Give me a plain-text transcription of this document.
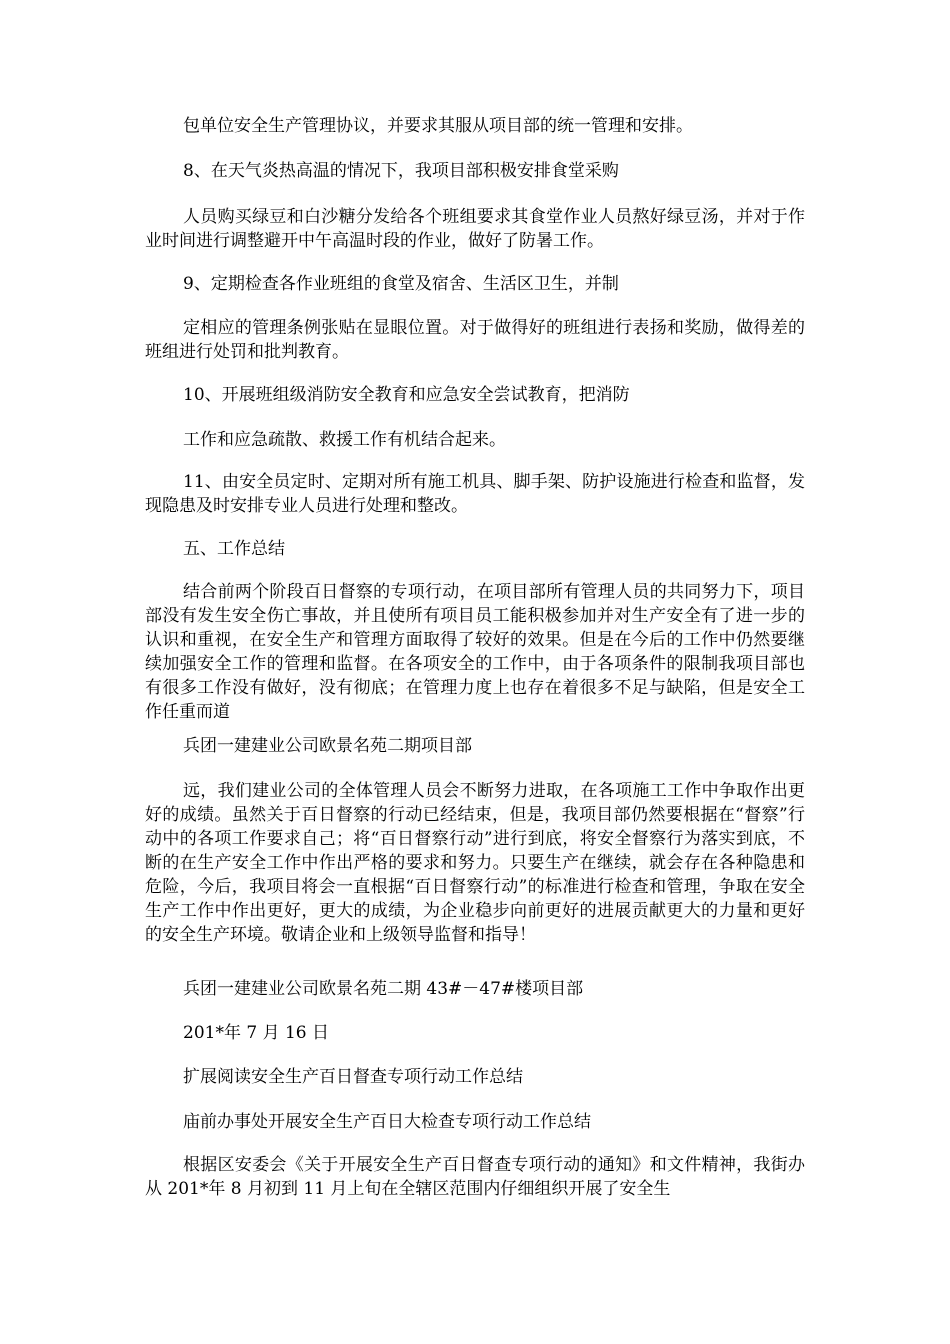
包单位安全生产管理协议，并要求其服从项目部的统一管理和安排。

8、在天气炎热高温的情况下，我项目部积极安排食堂采购

人员购买绿豆和白沙糖分发给各个班组要求其食堂作业人员熬好绿豆汤，并对于作业时间进行调整避开中午高温时段的作业，做好了防暑工作。

9、定期检查各作业班组的食堂及宿舍、生活区卫生，并制

定相应的管理条例张贴在显眼位置。对于做得好的班组进行表扬和奖励，做得差的班组进行处罚和批判教育。

10、开展班组级消防安全教育和应急安全尝试教育，把消防

工作和应急疏散、救援工作有机结合起来。

11、由安全员定时、定期对所有施工机具、脚手架、防护设施进行检查和监督，发现隐患及时安排专业人员进行处理和整改。

五、工作总结

结合前两个阶段百日督察的专项行动，在项目部所有管理人员的共同努力下，项目部没有发生安全伤亡事故，并且使所有项目员工能积极参加并对生产安全有了进一步的认识和重视，在安全生产和管理方面取得了较好的效果。但是在今后的工作中仍然要继续加强安全工作的管理和监督。在各项安全的工作中，由于各项条件的限制我项目部也有很多工作没有做好，没有彻底；在管理力度上也存在着很多不足与缺陷，但是安全工作任重而道

兵团一建建业公司欧景名苑二期项目部

远，我们建业公司的全体管理人员会不断努力进取，在各项施工工作中争取作出更好的成绩。虽然关于百日督察的行动已经结束，但是，我项目部仍然要根据在“督察”行动中的各项工作要求自己；将“百日督察行动”进行到底，将安全督察行为落实到底，不断的在生产安全工作中作出严格的要求和努力。只要生产在继续，就会存在各种隐患和危险，今后，我项目将会一直根据“百日督察行动”的标准进行检查和管理，争取在安全生产工作中作出更好，更大的成绩，为企业稳步向前更好的进展贡献更大的力量和更好的安全生产环境。敬请企业和上级领导监督和指导！

兵团一建建业公司欧景名苑二期 43#－47#楼项目部

201*年 7 月 16 日

扩展阅读安全生产百日督查专项行动工作总结

庙前办事处开展安全生产百日大检查专项行动工作总结

根据区安委会《关于开展安全生产百日督查专项行动的通知》和文件精神，我街办从 201*年 8 月初到 11 月上旬在全辖区范围内仔细组织开展了安全生
